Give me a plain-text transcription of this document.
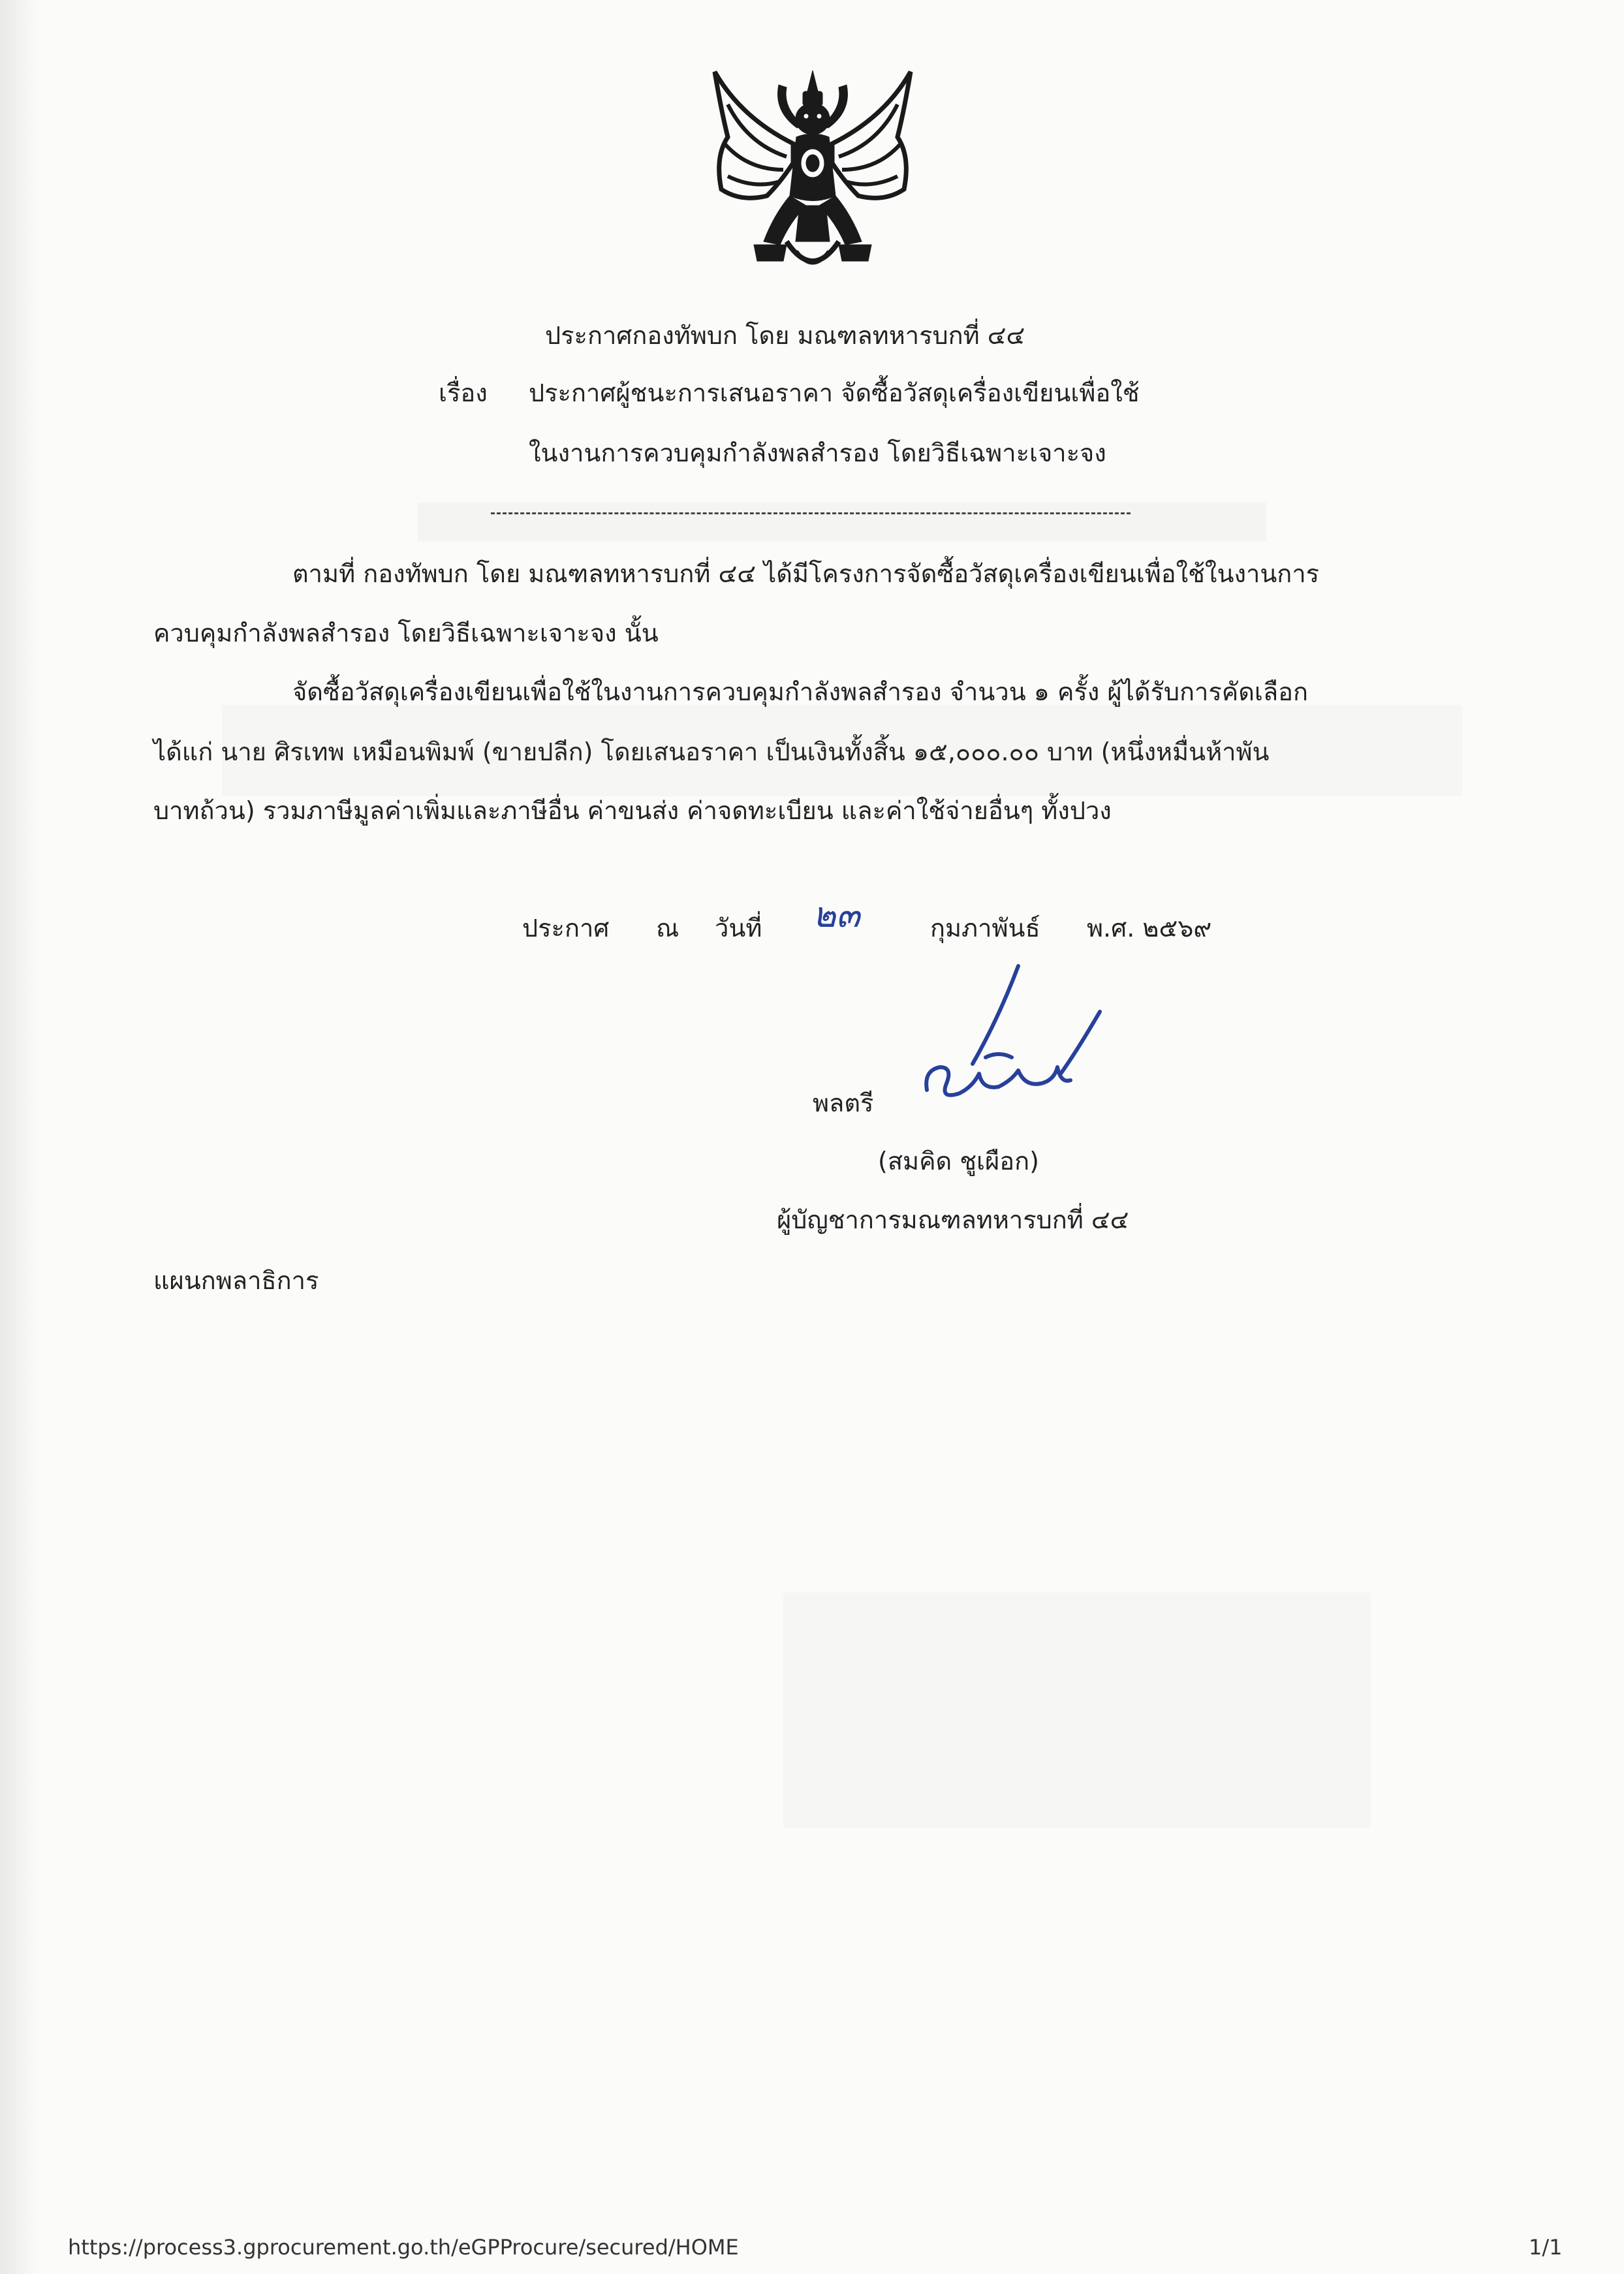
ประกาศกองทัพบก โดย มณฑลทหารบกที่ ๔๔
เรื่อง ประกาศผู้ชนะการเสนอราคา จัดซื้อวัสดุเครื่องเขียนเพื่อใช้
ในงานการควบคุมกำลังพลสำรอง โดยวิธีเฉพาะเจาะจง
ตามที่ กองทัพบก โดย มณฑลทหารบกที่ ๔๔ ได้มีโครงการจัดซื้อวัสดุเครื่องเขียนเพื่อใช้ในงานการ
ควบคุมกำลังพลสำรอง โดยวิธีเฉพาะเจาะจง นั้น
จัดซื้อวัสดุเครื่องเขียนเพื่อใช้ในงานการควบคุมกำลังพลสำรอง จำนวน ๑ ครั้ง ผู้ได้รับการคัดเลือก
ได้แก่ นาย ศิรเทพ เหมือนพิมพ์ (ขายปลีก) โดยเสนอราคา เป็นเงินทั้งสิ้น ๑๕,๐๐๐.๐๐ บาท (หนึ่งหมื่นห้าพัน
บาทถ้วน) รวมภาษีมูลค่าเพิ่มและภาษีอื่น ค่าขนส่ง ค่าจดทะเบียน และค่าใช้จ่ายอื่นๆ ทั้งปวง
ประกาศ ณ วันที่ ๒๓	กุมภาพันธ์ พ.ศ. ๒๕๖๙
พลตรี
(สมคิด ชูเผือก)
ผู้บัญชาการมณฑลทหารบกที่ ๔๔
แผนกพลาธิการ
https://process3.gprocurement.go.th/eGPProcure/secured/HOME	1/1
